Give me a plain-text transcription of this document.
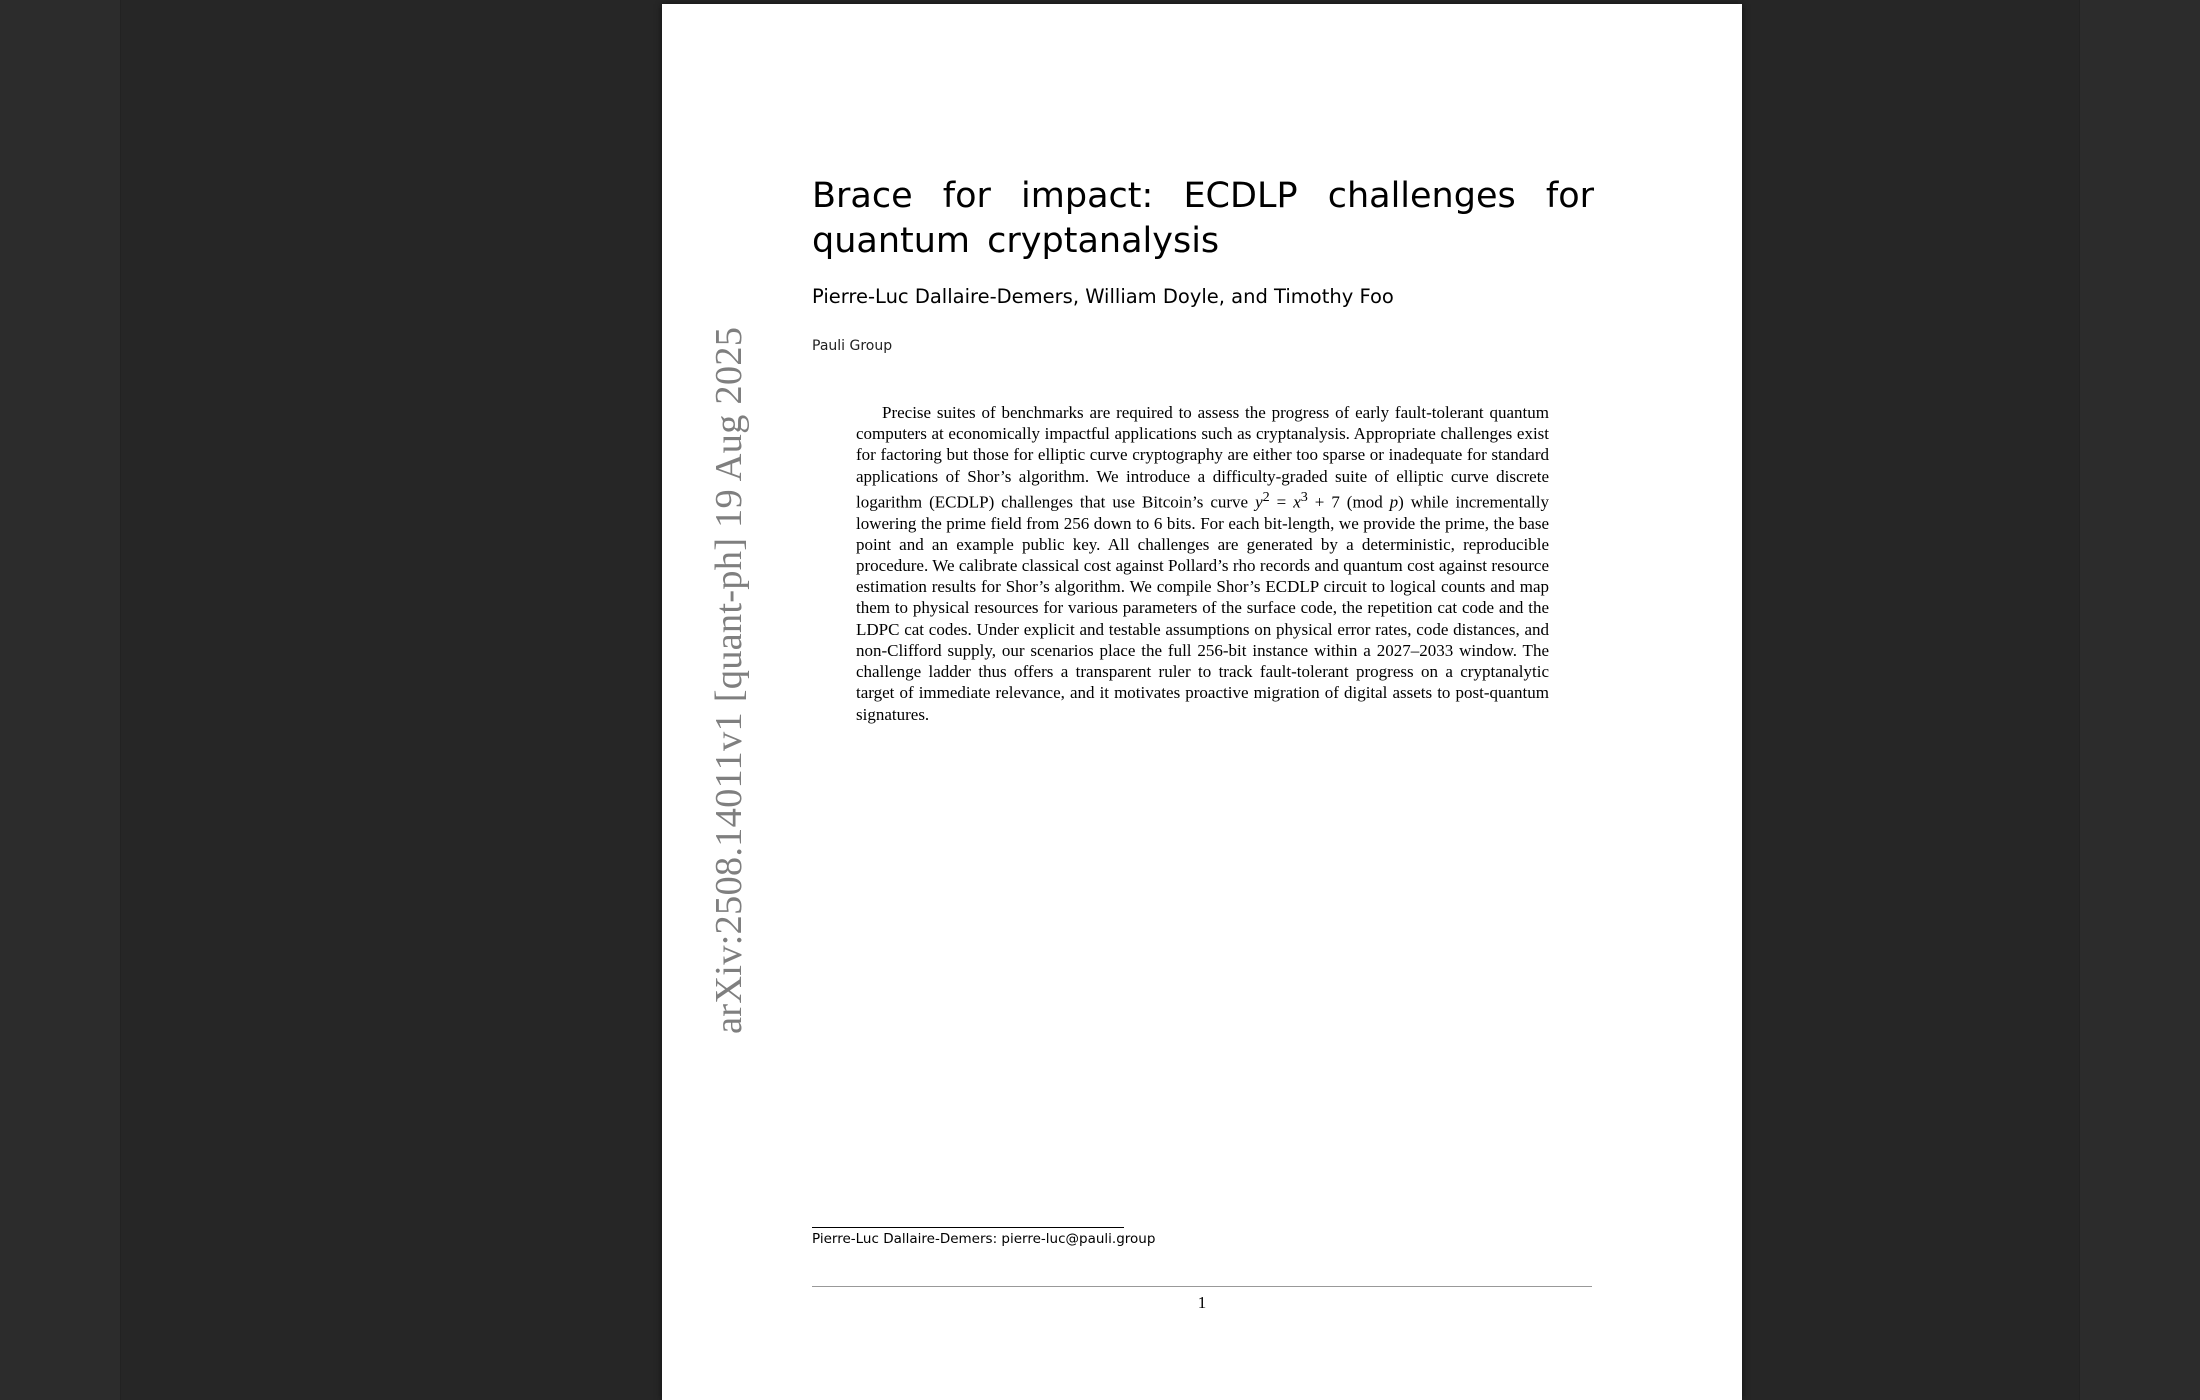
arXiv:2508.14011v1 [quant-ph] 19 Aug 2025
Brace for impact: ECDLP challenges for quantum cryptanalysis

Pierre-Luc Dallaire-Demers, William Doyle, and Timothy Foo

Pauli Group

Precise suites of benchmarks are required to assess the progress of early fault-tolerant quantum computers at economically impactful applications such as cryptanalysis. Appropriate challenges exist for factoring but those for elliptic curve cryptography are either too sparse or inadequate for standard applications of Shor’s algorithm. We introduce a difficulty-graded suite of elliptic curve discrete logarithm (ECDLP) challenges that use Bitcoin’s curve $y^2 = x^3 + 7$ (mod p) while incrementally lowering the prime field from 256 down to 6 bits. For each bit-length, we provide the prime, the base point and an example public key. All challenges are generated by a deterministic, reproducible procedure. We calibrate classical cost against Pollard’s rho records and quantum cost against resource estimation results for Shor’s algorithm. We compile Shor’s ECDLP circuit to logical counts and map them to physical resources for various parameters of the surface code, the repetition cat code and the LDPC cat codes. Under explicit and testable assumptions on physical error rates, code distances, and non-Clifford supply, our scenarios place the full 256-bit instance within a 2027–2033 window. The challenge ladder thus offers a transparent ruler to track fault-tolerant progress on a cryptanalytic target of immediate relevance, and it motivates proactive migration of digital assets to post-quantum signatures.

Pierre-Luc Dallaire-Demers: pierre-luc@pauli.group

1
